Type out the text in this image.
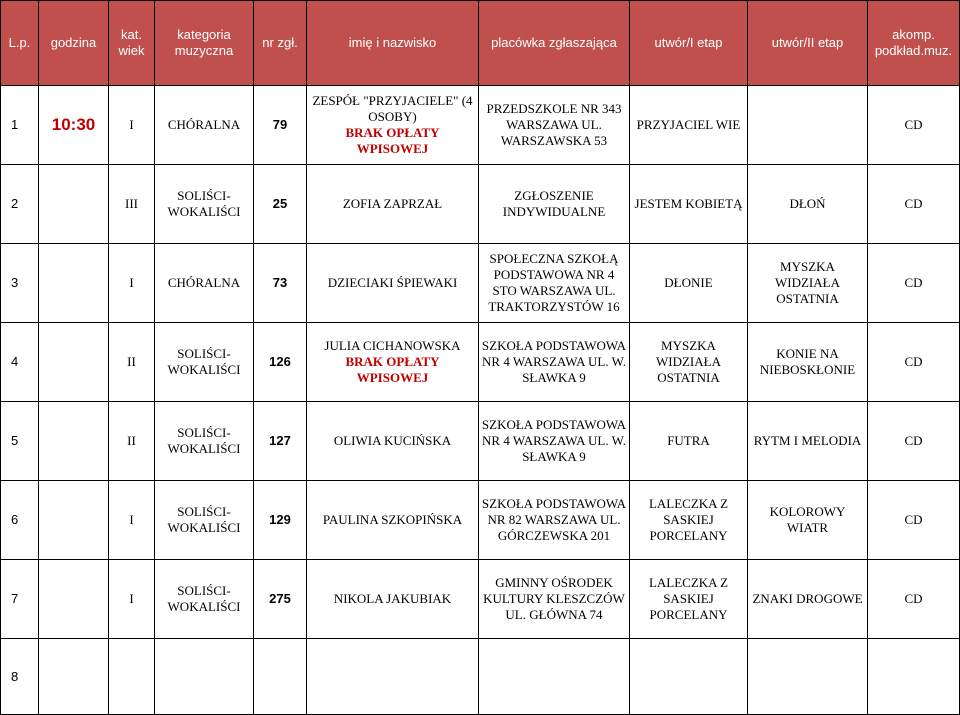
L.p.	godzina	kat. wiek	kategoria muzyczna	nr zgł.	imię i nazwisko	placówka zgłaszająca	utwór/I etap	utwór/II etap	akomp. podkład.muz.
1	10:30	I	CHÓRALNA	79	ZESPÓŁ "PRZYJACIELE" (4 OSOBY)
BRAK OPŁATY WPISOWEJ	PRZEDSZKOLE NR 343 WARSZAWA UL. WARSZAWSKA 53	PRZYJACIEL WIE		CD
2		III	SOLIŚCI- WOKALIŚCI	25	ZOFIA ZAPRZAŁ	ZGŁOSZENIE INDYWIDUALNE	JESTEM KOBIETĄ	DŁOŃ	CD
3		I	CHÓRALNA	73	DZIECIAKI ŚPIEWAKI	SPOŁECZNA SZKOŁĄ PODSTAWOWA NR 4 STO WARSZAWA UL. TRAKTORZYSTÓW 16	DŁONIE	MYSZKA WIDZIAŁA OSTATNIA	CD
4		II	SOLIŚCI- WOKALIŚCI	126	JULIA CICHANOWSKA
BRAK OPŁATY WPISOWEJ	SZKOŁA PODSTAWOWA NR 4 WARSZAWA UL. W. SŁAWKA 9	MYSZKA WIDZIAŁA OSTATNIA	KONIE NA NIEBOSKŁONIE	CD
5		II	SOLIŚCI- WOKALIŚCI	127	OLIWIA KUCIŃSKA	SZKOŁA PODSTAWOWA NR 4 WARSZAWA UL. W. SŁAWKA 9	FUTRA	RYTM I MELODIA	CD
6		I	SOLIŚCI- WOKALIŚCI	129	PAULINA SZKOPIŃSKA	SZKOŁA PODSTAWOWA NR 82 WARSZAWA UL. GÓRCZEWSKA 201	LALECZKA Z SASKIEJ PORCELANY	KOLOROWY WIATR	CD
7		I	SOLIŚCI- WOKALIŚCI	275	NIKOLA JAKUBIAK	GMINNY OŚRODEK KULTURY KLESZCZÓW UL. GŁÓWNA 74	LALECZKA Z SASKIEJ PORCELANY	ZNAKI DROGOWE	CD
8					
